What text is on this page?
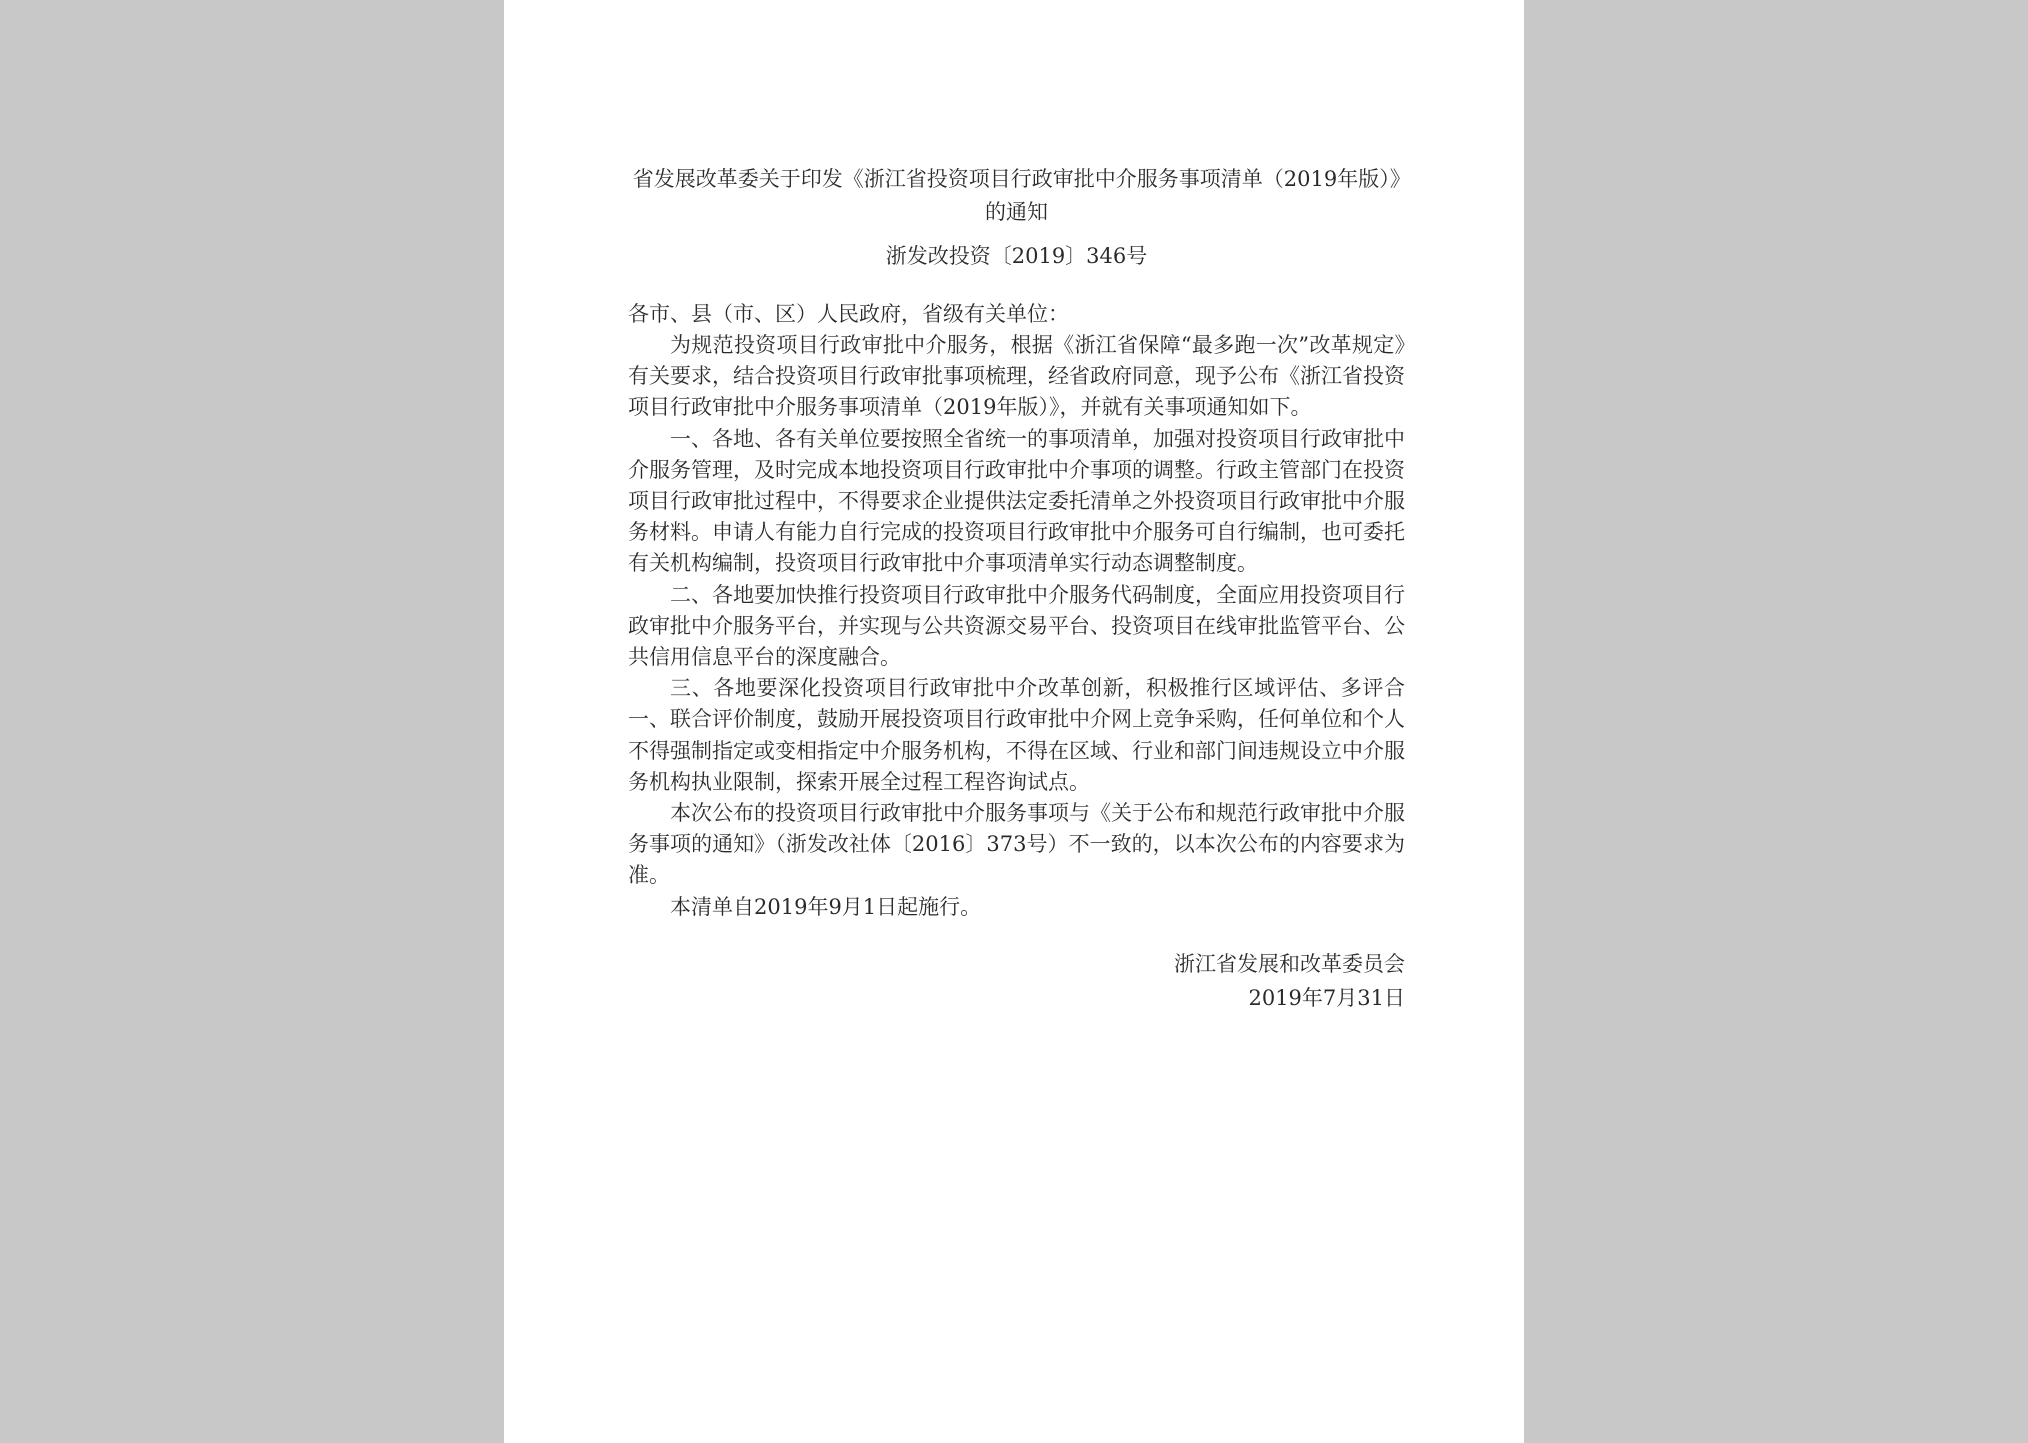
省发展改革委关于印发《浙江省投资项目行政审批中介服务事项清单（2019年版）》的通知
浙发改投资〔2019〕346号
各市、县（市、区）人民政府，省级有关单位：

为规范投资项目行政审批中介服务，根据《浙江省保障“最多跑一次”改革规定》有关要求，结合投资项目行政审批事项梳理，经省政府同意，现予公布《浙江省投资项目行政审批中介服务事项清单（2019年版）》，并就有关事项通知如下。

一、各地、各有关单位要按照全省统一的事项清单，加强对投资项目行政审批中介服务管理，及时完成本地投资项目行政审批中介事项的调整。行政主管部门在投资项目行政审批过程中，不得要求企业提供法定委托清单之外投资项目行政审批中介服务材料。申请人有能力自行完成的投资项目行政审批中介服务可自行编制，也可委托有关机构编制，投资项目行政审批中介事项清单实行动态调整制度。

二、各地要加快推行投资项目行政审批中介服务代码制度，全面应用投资项目行政审批中介服务平台，并实现与公共资源交易平台、投资项目在线审批监管平台、公共信用信息平台的深度融合。

三、各地要深化投资项目行政审批中介改革创新，积极推行区域评估、多评合一、联合评价制度，鼓励开展投资项目行政审批中介网上竞争采购，任何单位和个人不得强制指定或变相指定中介服务机构，不得在区域、行业和部门间违规设立中介服务机构执业限制，探索开展全过程工程咨询试点。

本次公布的投资项目行政审批中介服务事项与《关于公布和规范行政审批中介服务事项的通知》（浙发改社体〔2016〕373号）不一致的，以本次公布的内容要求为准。

本清单自2019年9月1日起施行。

浙江省发展和改革委员会
2019年7月31日
